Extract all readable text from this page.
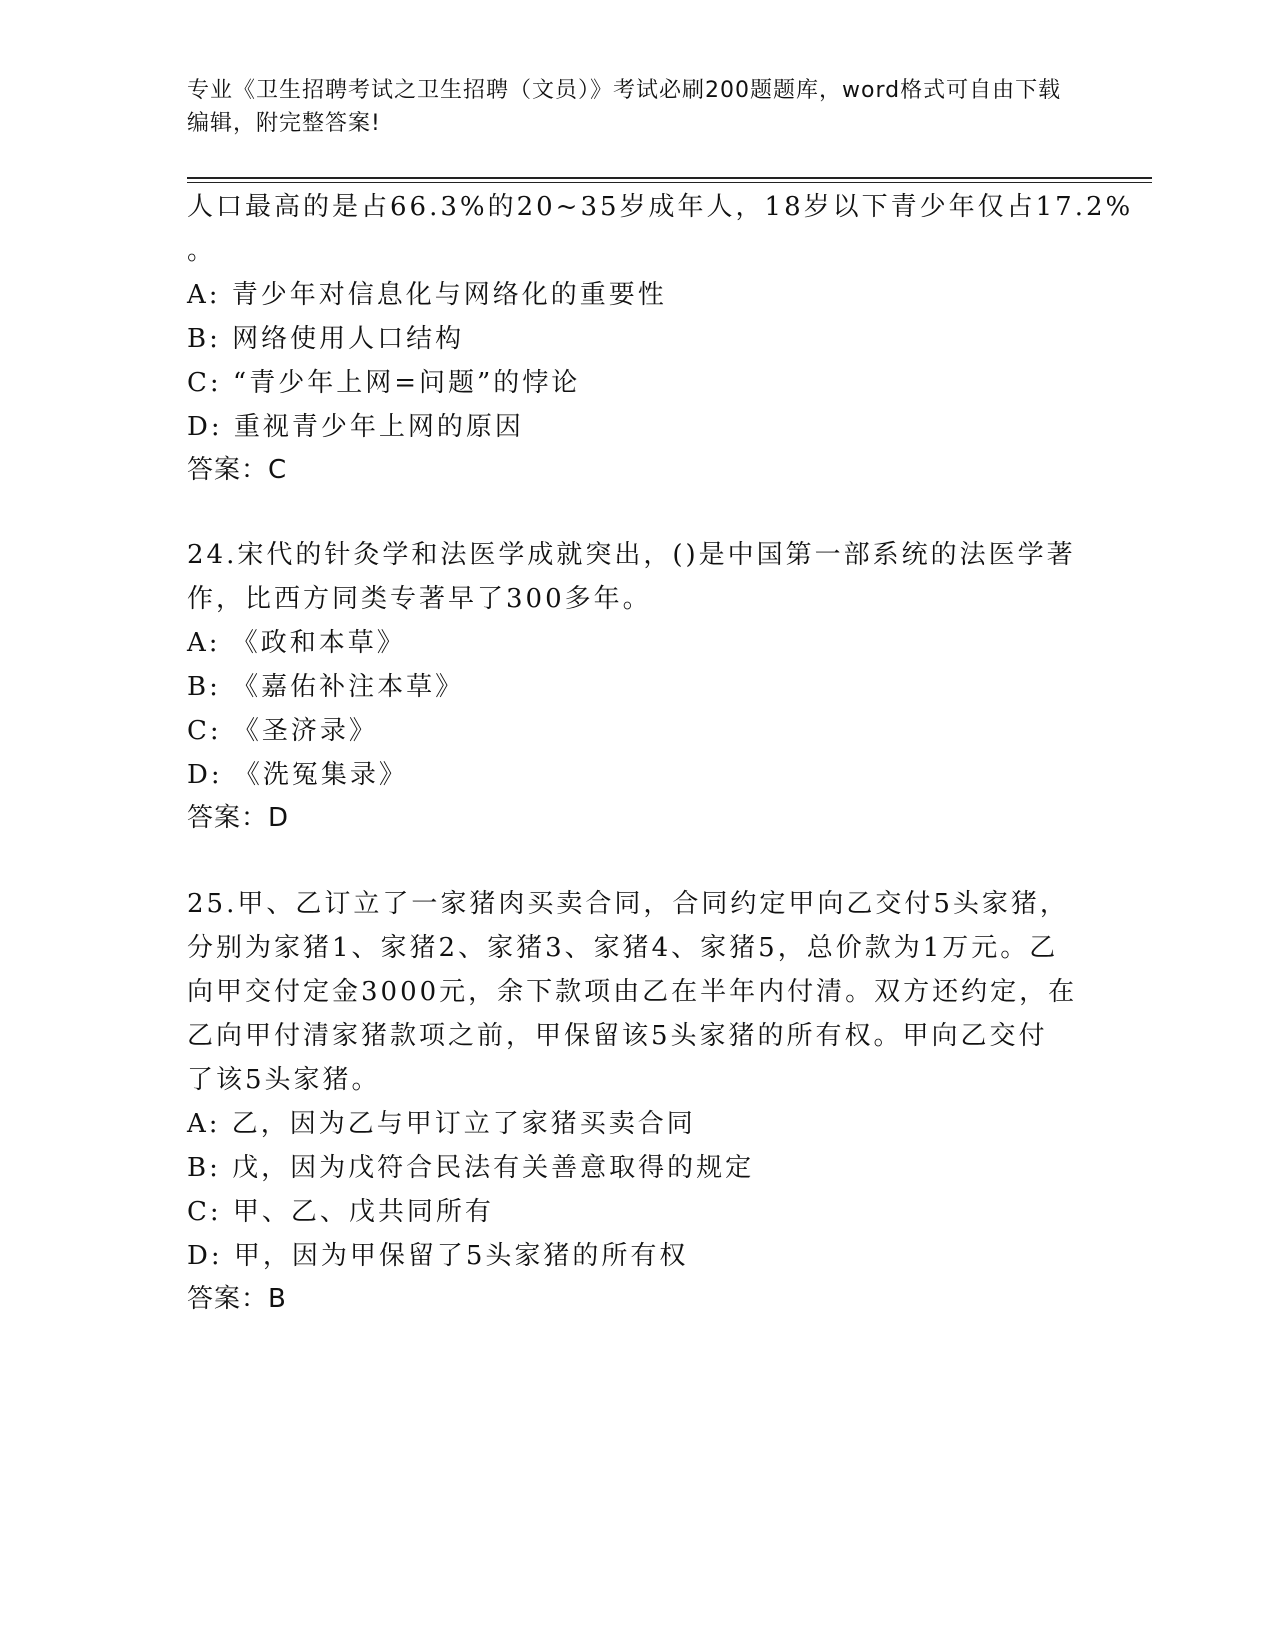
专业《卫生招聘考试之卫生招聘（文员）》考试必刷200题题库，word格式可自由下载编辑，附完整答案!
人口最高的是占66.3%的20~35岁成年人，18岁以下青少年仅占17.2%
。
A: 青少年对信息化与网络化的重要性
B: 网络使用人口结构
C: “青少年上网=问题”的悖论
D: 重视青少年上网的原因
答案：C
24.宋代的针灸学和法医学成就突出，()是中国第一部系统的法医学著
作，比西方同类专著早了300多年。
A: 《政和本草》
B: 《嘉佑补注本草》
C: 《圣济录》
D: 《洗冤集录》
答案：D
25.甲、乙订立了一家猪肉买卖合同，合同约定甲向乙交付5头家猪，
分别为家猪1、家猪2、家猪3、家猪4、家猪5，总价款为1万元。乙
向甲交付定金3000元，余下款项由乙在半年内付清。双方还约定，在
乙向甲付清家猪款项之前，甲保留该5头家猪的所有权。甲向乙交付
了该5头家猪。
A: 乙，因为乙与甲订立了家猪买卖合同
B: 戊，因为戊符合民法有关善意取得的规定
C: 甲、乙、戊共同所有
D: 甲，因为甲保留了5头家猪的所有权
答案：B
